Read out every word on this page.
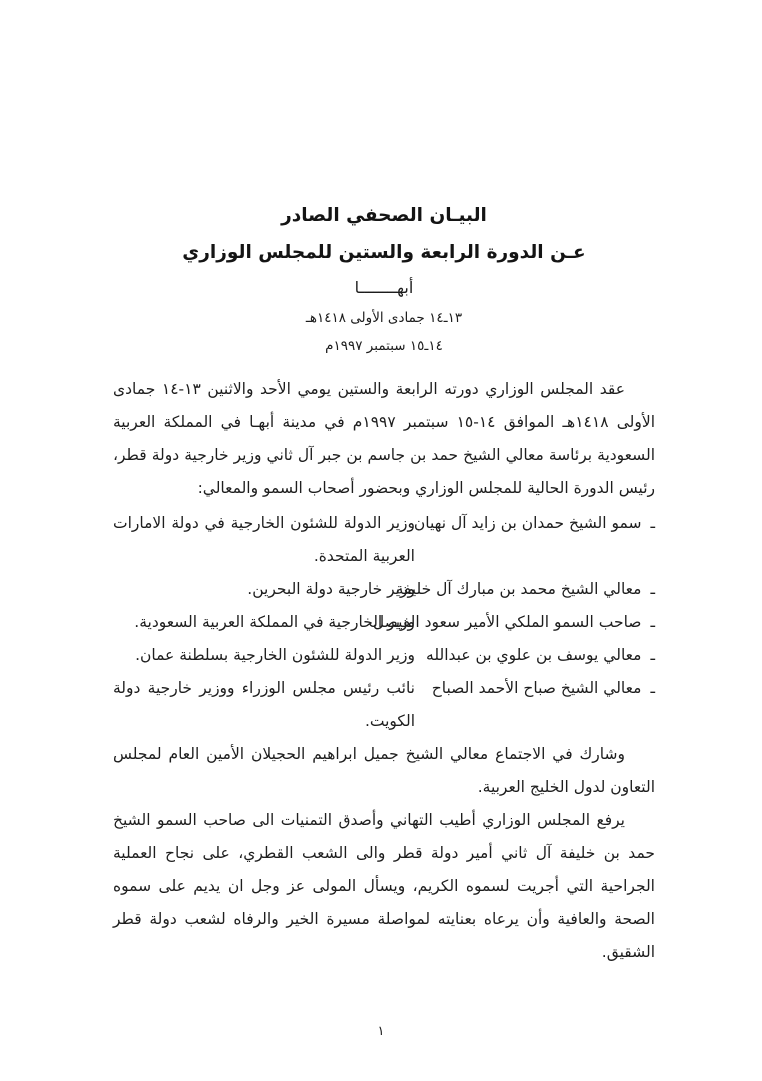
البيـان الصحفي الصادر
عـن الدورة الرابعة والستين للمجلس الوزاري
أبهــــــــا
١٣ـ١٤ جمادى الأولى ١٤١٨هـ
١٤ـ١٥ سبتمبر ١٩٩٧م

عقد المجلس الوزاري دورته الرابعة والستين يومي الأحد والاثنين ١٣-١٤ جمادى الأولى ١٤١٨هـ الموافق ١٤-١٥ سبتمبر ١٩٩٧م في مدينة أبهـا في المملكة العربية السعودية برئاسة معالي الشيخ حمد بن جاسم بن جبر آل ثاني وزير خارجية دولة قطر، رئيس الدورة الحالية للمجلس الوزاري وبحضور أصحاب السمو والمعالي:

ـسمو الشيخ حمدان بن زايد آل نهيان
وزير الدولة للشئون الخارجية في دولة الامارات العربية المتحدة.
ـمعالي الشيخ محمد بن مبارك آل خليفة
وزير خارجية دولة البحرين.
ـصاحب السمو الملكي الأمير سعود الفيصل
وزير الخارجية في المملكة العربية السعودية.
ـمعالي يوسف بن علوي بن عبدالله
وزير الدولة للشئون الخارجية بسلطنة عمان.
ـمعالي الشيخ صباح الأحمد الصباح
نائب رئيس مجلس الوزراء ووزير خارجية دولة الكويت.

وشارك في الاجتماع معالي الشيخ جميل ابراهيم الحجيلان الأمين العام لمجلس التعاون لدول الخليج العربية.

يرفع المجلس الوزاري أطيب التهاني وأصدق التمنيات الى صاحب السمو الشيخ حمد بن خليفة آل ثاني أمير دولة قطر والى الشعب القطري، على نجاح العملية الجراحية التي أجريت لسموه الكريم، ويسأل المولى عز وجل ان يديم على سموه الصحة والعافية وأن يرعاه بعنايته لمواصلة مسيرة الخير والرفاه لشعب دولة قطر الشقيق.

١
